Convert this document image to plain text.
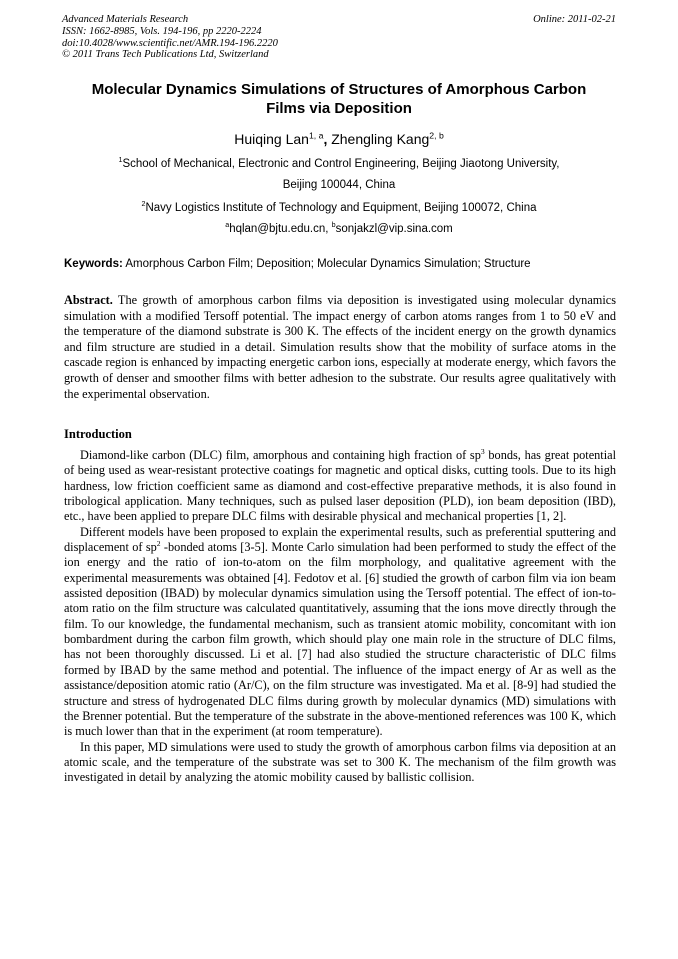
Advanced Materials Research
ISSN: 1662-8985, Vols. 194-196, pp 2220-2224
doi:10.4028/www.scientific.net/AMR.194-196.2220
© 2011 Trans Tech Publications Ltd, Switzerland
Online: 2011-02-21
Molecular Dynamics Simulations of Structures of Amorphous Carbon
Films via Deposition
Huiqing Lan$^{1, a}$, Zhengling Kang$^{2, b}$
$^1$School of Mechanical, Electronic and Control Engineering, Beijing Jiaotong University,
Beijing 100044, China
$^2$Navy Logistics Institute of Technology and Equipment, Beijing 100072, China
$^a$hqlan@bjtu.edu.cn, $^b$sonjakzl@vip.sina.com
Keywords: Amorphous Carbon Film; Deposition; Molecular Dynamics Simulation; Structure

Abstract. The growth of amorphous carbon films via deposition is investigated using molecular dynamics simulation with a modified Tersoff potential. The impact energy of carbon atoms ranges from 1 to 50 eV and the temperature of the diamond substrate is 300 K. The effects of the incident energy on the growth dynamics and film structure are studied in a detail. Simulation results show that the mobility of surface atoms in the cascade region is enhanced by impacting energetic carbon ions, especially at moderate energy, which favors the growth of denser and smoother films with better adhesion to the substrate. Our results agree qualitatively with the experimental observation.

Introduction

Diamond-like carbon (DLC) film, amorphous and containing high fraction of $sp^3$ bonds, has great potential of being used as wear-resistant protective coatings for magnetic and optical disks, cutting tools. Due to its high hardness, low friction coefficient same as diamond and cost-effective preparative methods, it is also found in tribological application. Many techniques, such as pulsed laser deposition (PLD), ion beam deposition (IBD), etc., have been applied to prepare DLC films with desirable physical and mechanical properties [1, 2].

Different models have been proposed to explain the experimental results, such as preferential sputtering and displacement of $sp^2$ -bonded atoms [3-5]. Monte Carlo simulation had been performed to study the effect of the ion energy and the ratio of ion-to-atom on the film morphology, and qualitative agreement with the experimental measurements was obtained [4]. Fedotov et al. [6] studied the growth of carbon film via ion beam assisted deposition (IBAD) by molecular dynamics simulation using the Tersoff potential. The effect of ion-to-atom ratio on the film structure was calculated quantitatively, assuming that the ions move directly through the film. To our knowledge, the fundamental mechanism, such as transient atomic mobility, concomitant with ion bombardment during the carbon film growth, which should play one main role in the structure of DLC films, has not been thoroughly discussed. Li et al. [7] had also studied the structure characteristic of DLC films formed by IBAD by the same method and potential. The influence of the impact energy of Ar as well as the assistance/deposition atomic ratio (Ar/C), on the film structure was investigated. Ma et al. [8-9] had studied the structure and stress of hydrogenated DLC films during growth by molecular dynamics (MD) simulations with the Brenner potential. But the temperature of the substrate in the above-mentioned references was 100 K, which is much lower than that in the experiment (at room temperature).

In this paper, MD simulations were used to study the growth of amorphous carbon films via deposition at an atomic scale, and the temperature of the substrate was set to 300 K. The mechanism of the film growth was investigated in detail by analyzing the atomic mobility caused by ballistic collision.
